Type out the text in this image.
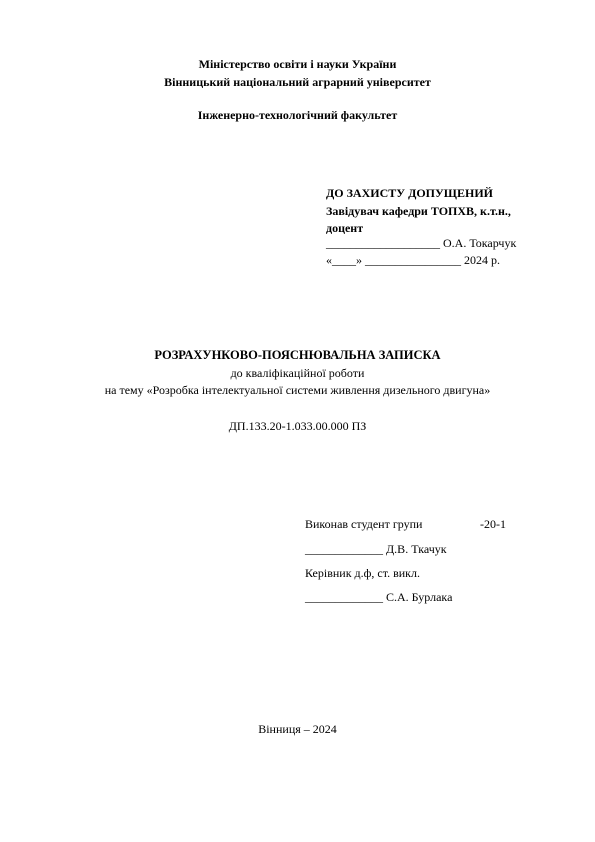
Міністерство освіти і науки України
Вінницький національний аграрний університет
Інженерно-технологічний факультет
ДО ЗАХИСТУ ДОПУЩЕНИЙ
Завідувач кафедри ТОПХВ, к.т.н.,
доцент
___________________ О.А. Токарчук
«____» ________________ 2024 р.
РОЗРАХУНКОВО-ПОЯСНЮВАЛЬНА ЗАПИСКА
до кваліфікаційної роботи
на тему «Розробка інтелектуальної системи живлення дизельного двигуна»
ДП.133.20-1.033.00.000 ПЗ
Виконав студент групи	-20-1
_____________ Д.В. Ткачук
Керівник д.ф, ст. викл.
_____________ С.А. Бурлака
Вінниця – 2024
